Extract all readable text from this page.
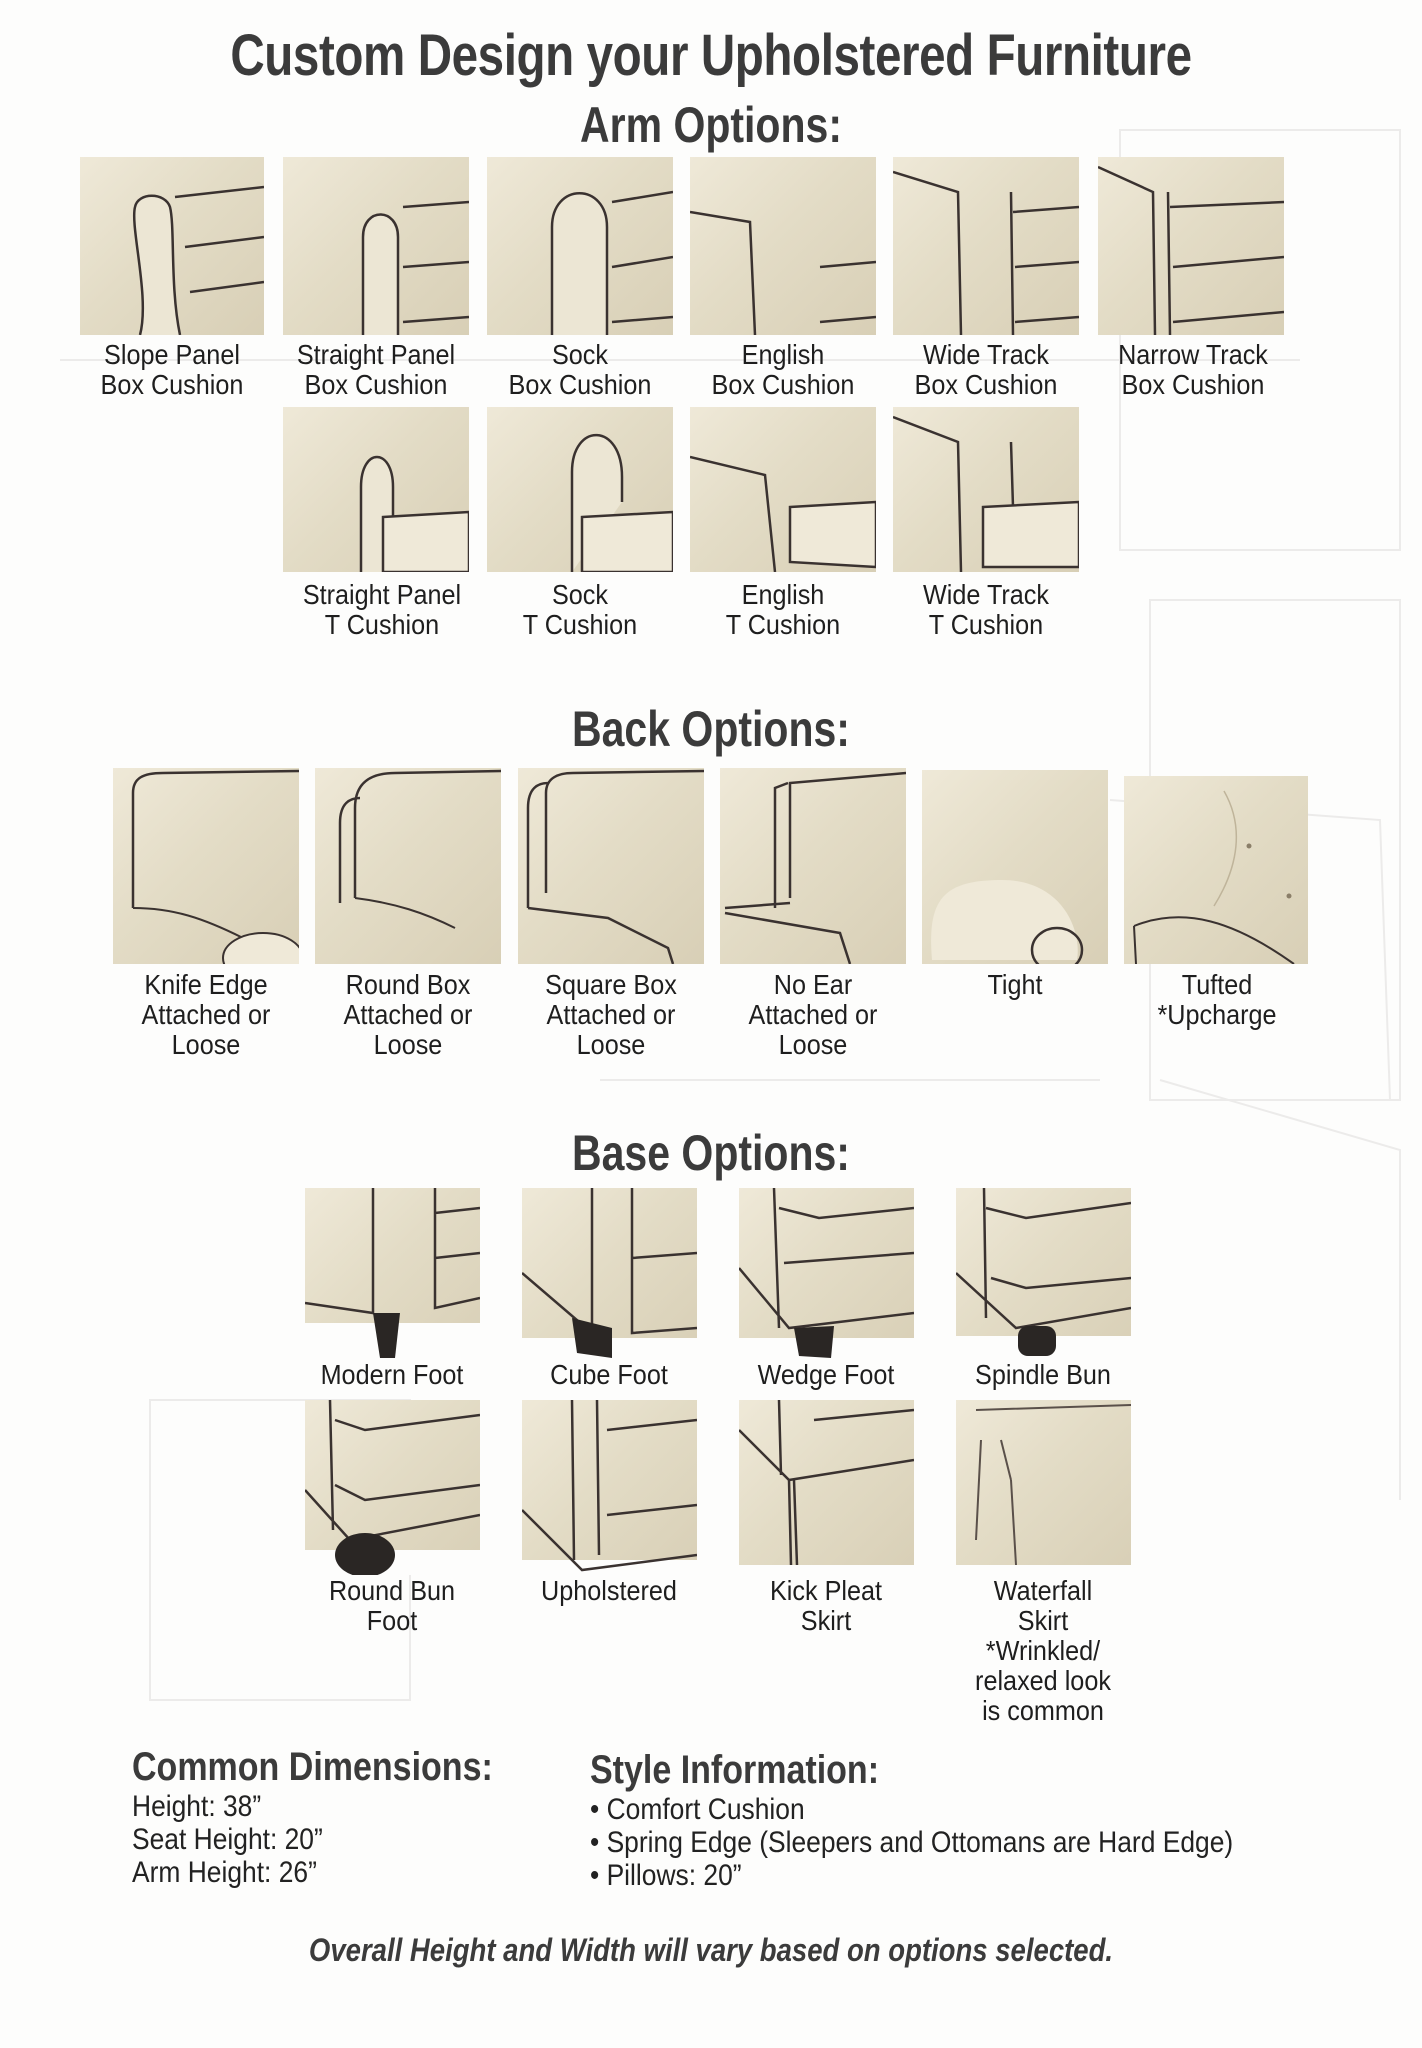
Custom Design your Upholstered Furniture
Arm Options:
Slope Panel
Box Cushion
Straight Panel
Box Cushion
Sock
Box Cushion
English
Box Cushion
Wide Track
Box Cushion
Narrow Track
Box Cushion
Straight Panel
T Cushion
Sock
T Cushion
English
T Cushion
Wide Track
T Cushion
Back Options:
Knife Edge
Attached or
Loose
Round Box
Attached or
Loose
Square Box
Attached or
Loose
No Ear
Attached or
Loose
Tight	Tufted
*Upcharge
Base Options:
Modern Foot	Cube Foot	Wedge Foot	Spindle Bun
Round Bun
Foot
Upholstered	Kick Pleat
Skirt
Waterfall
Skirt
*Wrinkled/
relaxed look
is common
Common Dimensions:
Height: 38”
Seat Height: 20”
Arm Height: 26”
Style Information:
• Comfort Cushion
• Spring Edge (Sleepers and Ottomans are Hard Edge)
• Pillows: 20”
Overall Height and Width will vary based on options selected.
